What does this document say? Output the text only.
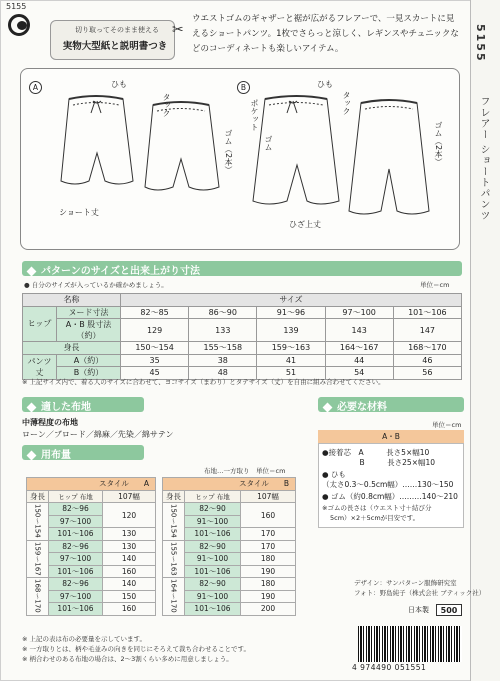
5155
切り取ってそのまま使える
実物大型紙と説明書つき
✂
ウエストゴムのギャザーと裾が広がるフレアーで、一見スカートに見えるショートパンツ。1枚でさらっと涼しく、レギンスやチュニックなどのコーディネートも楽しいアイテム。	5155
フレアー ショートパンツ
A	B
ひも
タック
ゴム（2本）
ショート丈
ひも
タック
ポケット
ゴム	ゴム（2本）
ひざ上丈
パターンのサイズと出来上がり寸法
● 自分のサイズが入っているか確かめましょう。	単位＝cm
名称		サイズ				
ヒップ	ヌード寸法	82〜85	86〜90	91〜96	97〜100	101〜106
	A・B 股寸法（約）	129	133	139	143	147
身長		150〜154	155〜158	159〜163	164〜167	168〜170
パンツ丈	A（約）	35	38	41	44	46
	B（約）	45	48	51	54	56
※ 上記サイズ内で、着る人のサイズに合わせて、ヨコサイズ（まわり）とタテサイズ（丈）を自由に組み合わせてください。
適した布地
中薄程度の布地
ローン／ブロード／綿麻／先染／綿サテン
必要な材料
単位＝cm
A・B
●接着芯　A　　　長さ5×幅10
　　　　　B　　　長さ25×幅10
● ひも
（太さ0.3〜0.5cm幅）……130〜150
● ゴム（約0.8cm幅）………140〜210
※ゴムの長さは（ウエスト寸＋結び分
5cm）×2＋5cmが目安です。
用布量
布地…一方取り　単位＝cm
スタイル　　 A		
身長	ヒップ 布地	107幅
150〜154	82〜96	120
	97〜100	
	101〜106	130
159〜167	82〜96	130
	97〜100	140
	101〜106	160
168〜170	82〜96	140
	97〜100	150
	101〜106	160
スタイル　　 B		
身長	ヒップ 布地	107幅
150〜154	82〜90	160
	91〜100	
	101〜106	170
155〜163	82〜90	170
	91〜100	180
	101〜106	190
164〜170	82〜90	180
	91〜100	190
	101〜106	200
※ 上記の表は布の必要量を示しています。
※ 一方取りとは、柄や毛並みの向きを同じにそろえて裁ち合わせることです。
※ 柄合わせのある布地の場合は、2〜3割くらい多めに用意しましょう。
デザイン：サンパターン服飾研究室
フォト：野島純子（株式会社 ブティック社）
日本製	500
4 974490 051551
